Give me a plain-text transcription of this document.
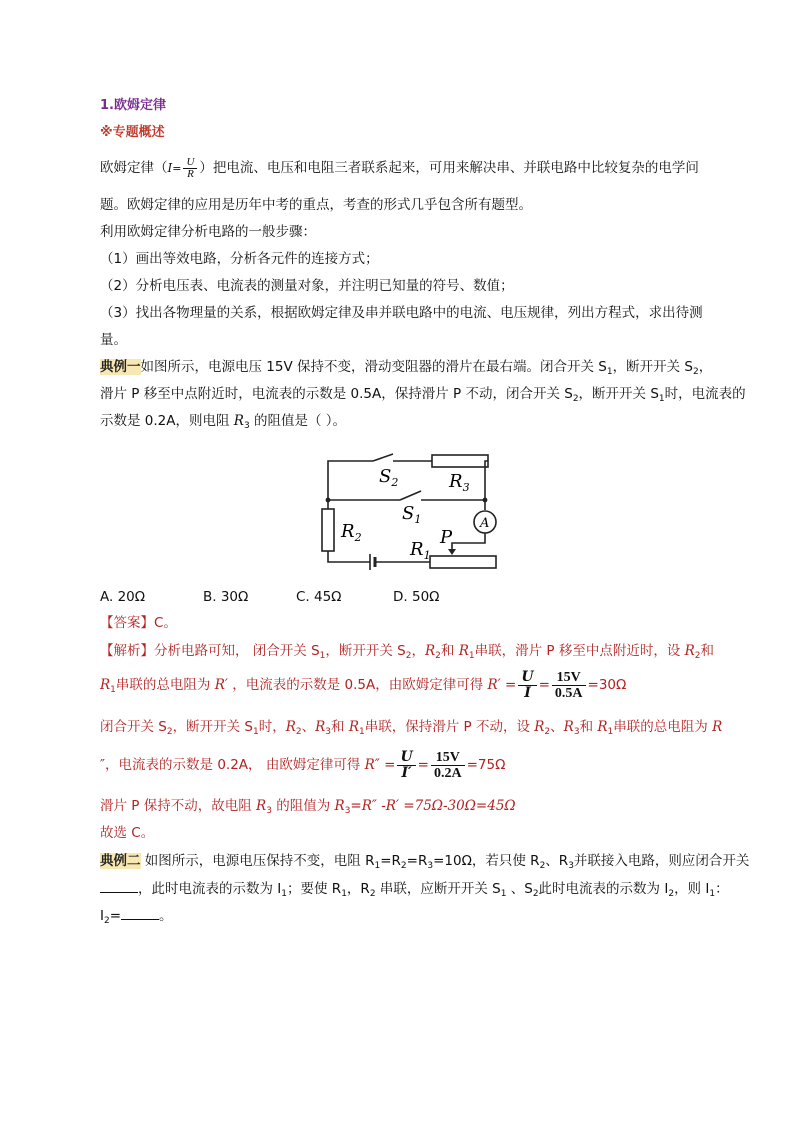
1.欧姆定律
※专题概述
欧姆定律（$I= \frac{U}{R}$ ）把电流、电压和电阻三者联系起来，可用来解决串、并联电路中比较复杂的电学问
题。欧姆定律的应用是历年中考的重点，考查的形式几乎包含所有题型。
利用欧姆定律分析电路的一般步骤：
（1）画出等效电路，分析各元件的连接方式；
（2）分析电压表、电流表的测量对象，并注明已知量的符号、数值；
（3）找出各物理量的关系，根据欧姆定律及串并联电路中的电流、电压规律，列出方程式，求出待测
量。
典例一如图所示，电源电压 15V 保持不变，滑动变阻器的滑片在最右端。闭合开关 $S_1$，断开开关 $S_2$，
滑片 P 移至中点附近时，电流表的示数是 0.5A，保持滑片 P 不动，闭合开关 $S_2$，断开开关 $S_1$时，电流表的
示数是 0.2A，则电阻 $R_3$ 的阻值是（ ）。
$S_2$	$R_3$
$S_1$	A
$R_2$
$R_1$
P
A. 20Ω	B. 30Ω	C. 45Ω	D. 50Ω
【答案】C。
【解析】分析电路可知， 闭合开关 $S_1$，断开开关 $S_2$，$R_2$和 $R_1$串联，滑片 P 移至中点附近时，设 $R_2$和
$R_1$串联的总电阻为 R′ ，电流表的示数是 0.5A，由欧姆定律可得 $R' = \frac{U}{I} = \frac{15V}{0.5A} =30\Omega$
闭合开关 $S_2$，断开开关 $S_1$时，$R_2$、$R_3$和 $R_1$串联，保持滑片 P 不动，设 $R_2$、$R_3$和 $R_1$串联的总电阻为 R
″，电流表的示数是 0.2A， 由欧姆定律可得 $R'' = \frac{U}{I'} = \frac{15V}{0.2A} =75\Omega$
滑片 P 保持不动，故电阻 $R_3$ 的阻值为 $R_3=R''$ -R′ =75Ω-30Ω=45Ω
故选 C。
典例二 如图所示，电源电压保持不变，电阻 $R_1=R_2=R_3=10\Omega$，若只使 $R_2$、$R_3$并联接入电路，则应闭合开关
，此时电流表的示数为 $I_1$；要使 $R_1$，$R_2$ 串联，应断开开关 $S_1$ 、$S_2$此时电流表的示数为 $I_2$，则 $I_1$：
$I_2=$	。
